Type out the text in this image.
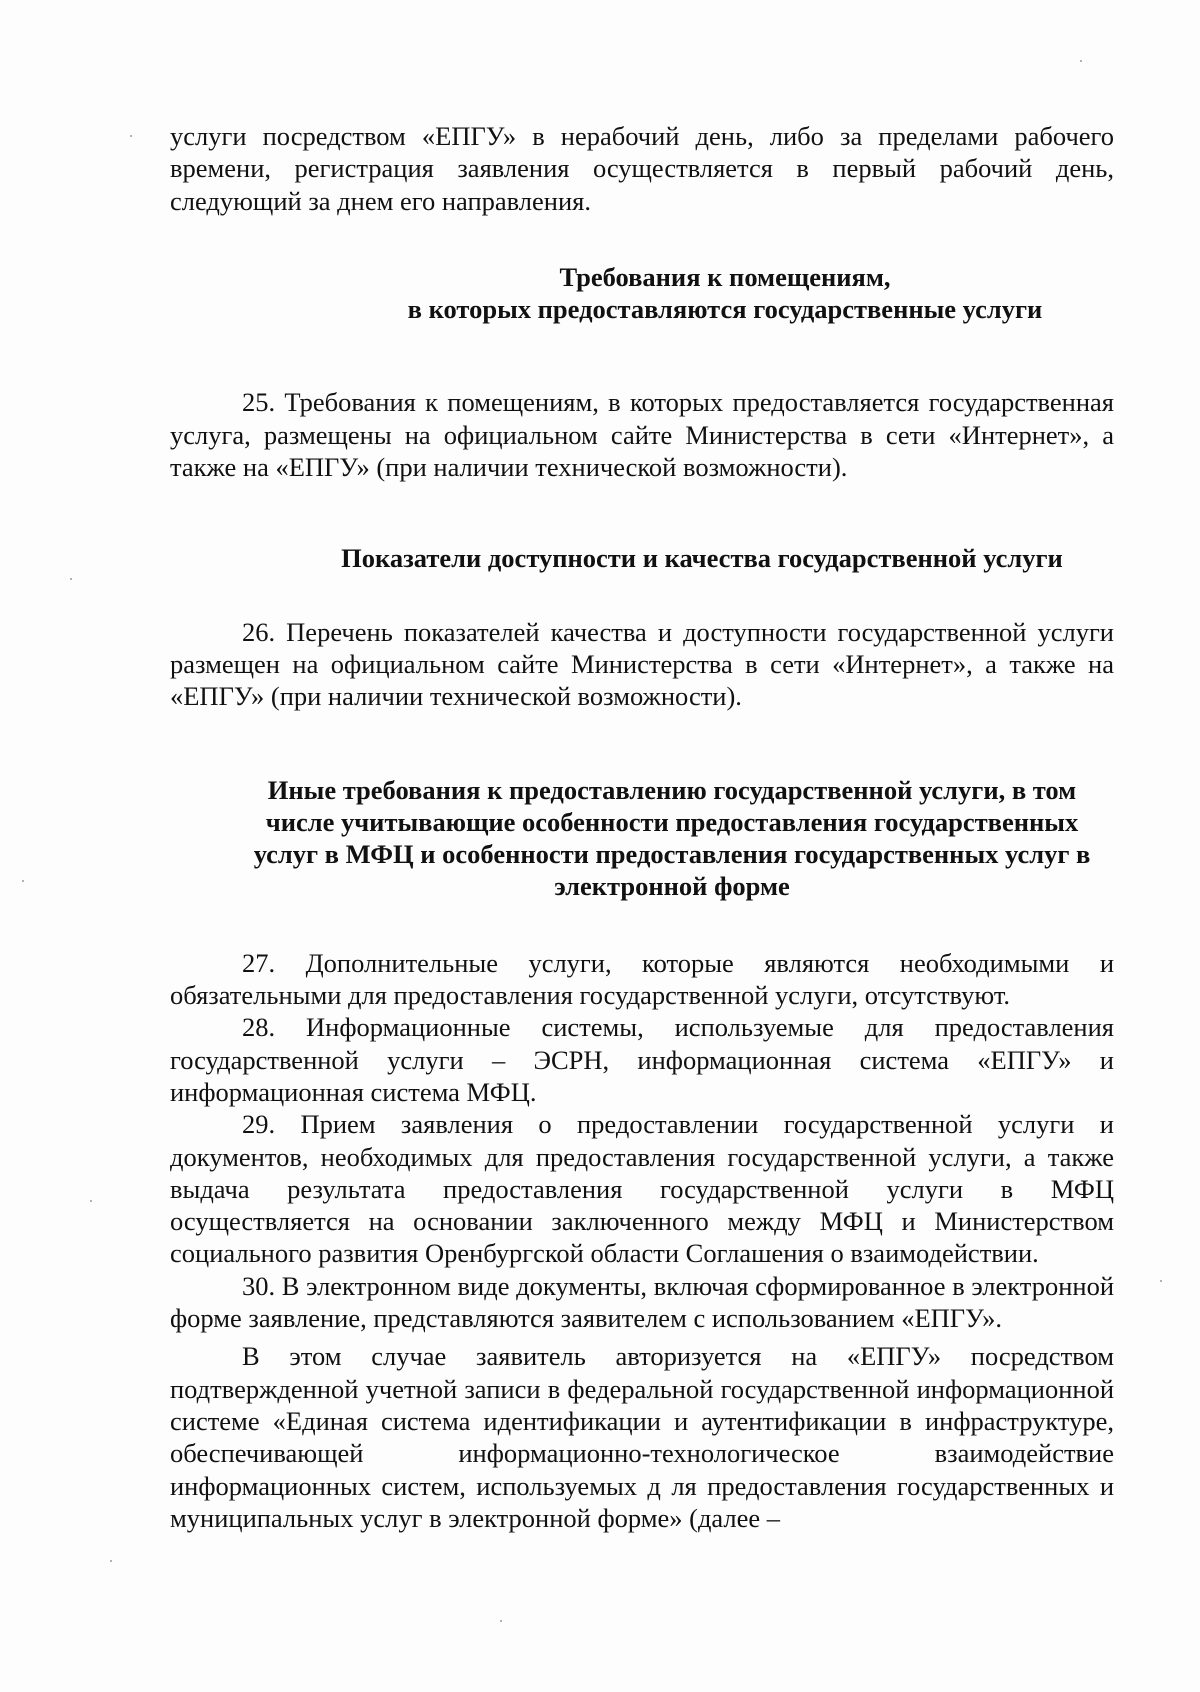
услуги посредством «ЕПГУ» в нерабочий день, либо за пределами рабочего времени, регистрация заявления осуществляется в первый рабочий день, следующий за днем его направления.

Требования к помещениям,
в которых предоставляются государственные услуги

25. Требования к помещениям, в которых предоставляется государственная услуга, размещены на официальном сайте Министерства в сети «Интернет», а также на «ЕПГУ» (при наличии технической возможности).

Показатели доступности и качества государственной услуги

26. Перечень показателей качества и доступности государственной услуги размещен на официальном сайте Министерства в сети «Интернет», а также на «ЕПГУ» (при наличии технической возможности).

Иные требования к предоставлению государственной услуги, в том
числе учитывающие особенности предоставления государственных
услуг в МФЦ и особенности предоставления государственных услуг в
электронной форме

27. Дополнительные услуги, которые являются необходимыми и обязательными для предоставления государственной услуги, отсутствуют.

28. Информационные системы, используемые для предоставления государственной услуги – ЭСРН, информационная система «ЕПГУ» и информационная система МФЦ.

29. Прием заявления о предоставлении государственной услуги и документов, необходимых для предоставления государственной услуги, а также выдача результата предоставления государственной услуги в МФЦ осуществляется на основании заключенного между МФЦ и Министерством социального развития Оренбургской области Соглашения о взаимодействии.

30. В электронном виде документы, включая сформированное в электронной форме заявление, представляются заявителем с использованием «ЕПГУ».

В этом случае заявитель авторизуется на «ЕПГУ» посредством подтвержденной учетной записи в федеральной государственной информационной системе «Единая система идентификации и аутентификации в инфраструктуре, обеспечивающей информационно-технологическое взаимодействие информационных систем, используемых д ля предоставления государственных и муниципальных услуг в электронной форме» (далее –
